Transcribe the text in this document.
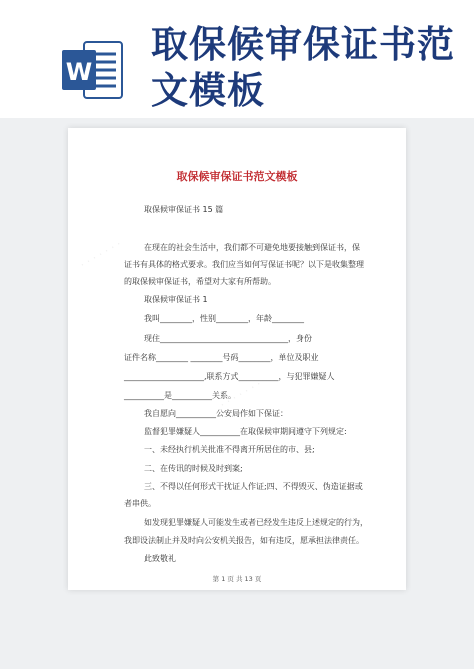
W
取保候审保证书范
文模板
· · · · · · ·
· · · · · · ·
取保候审保证书范文模板
取保候审保证书 15 篇
在现在的社会生活中，我们都不可避免地要接触到保证书，保
证书有具体的格式要求。我们应当如何写保证书呢？以下是收集整理
的取保候审保证书，希望对大家有所帮助。
取保候审保证书 1
我叫________，性别________，年龄________
现住________________________________，身份
证件名称________ ________号码________，单位及职业
____________________,联系方式__________，与犯罪嫌疑人
__________是__________关系。
我自愿向__________公安局作如下保证：
监督犯罪嫌疑人__________在取保候审期间遵守下列规定:
一、未经执行机关批准不得离开所居住的市、县;
二、在传讯的时候及时到案;
三、不得以任何形式干扰证人作证;四、不得毁灭、伪造证据或
者串供。
如发现犯罪嫌疑人可能发生或者已经发生违反上述规定的行为，
我即设法制止并及时向公安机关报告，如有违反，愿承担法律责任。
此致敬礼
第 1 页 共 13 页
